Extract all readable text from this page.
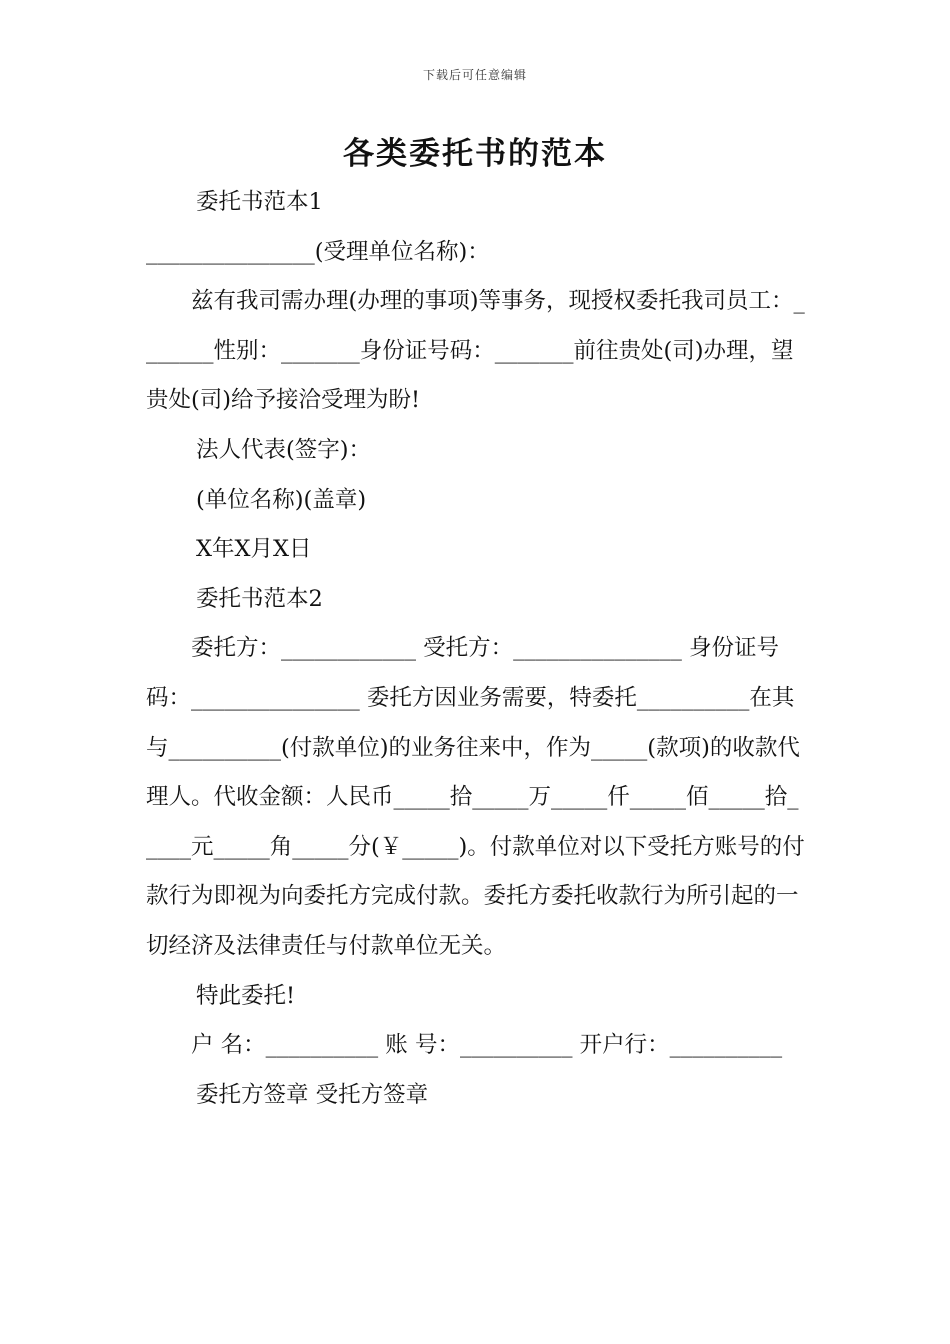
下载后可任意编辑
各类委托书的范本

委托书范本1

_______________(受理单位名称)：

兹有我司需办理(办理的事项)等事务，现授权委托我司员工：_______性别：_______身份证号码：_______前往贵处(司)办理，望贵处(司)给予接洽受理为盼!

法人代表(签字)：

(单位名称)(盖章)

X年X月X日

委托书范本2

委托方：____________ 受托方：_______________ 身份证号码：_______________ 委托方因业务需要，特委托__________在其与__________(付款单位)的业务往来中，作为_____(款项)的收款代理人。代收金额：人民币_____拾_____万_____仟_____佰_____拾_____元_____角_____分(￥_____)。付款单位对以下受托方账号的付款行为即视为向委托方完成付款。委托方委托收款行为所引起的一切经济及法律责任与付款单位无关。

特此委托!

户 名：__________ 账 号：__________ 开户行：__________

委托方签章 受托方签章
